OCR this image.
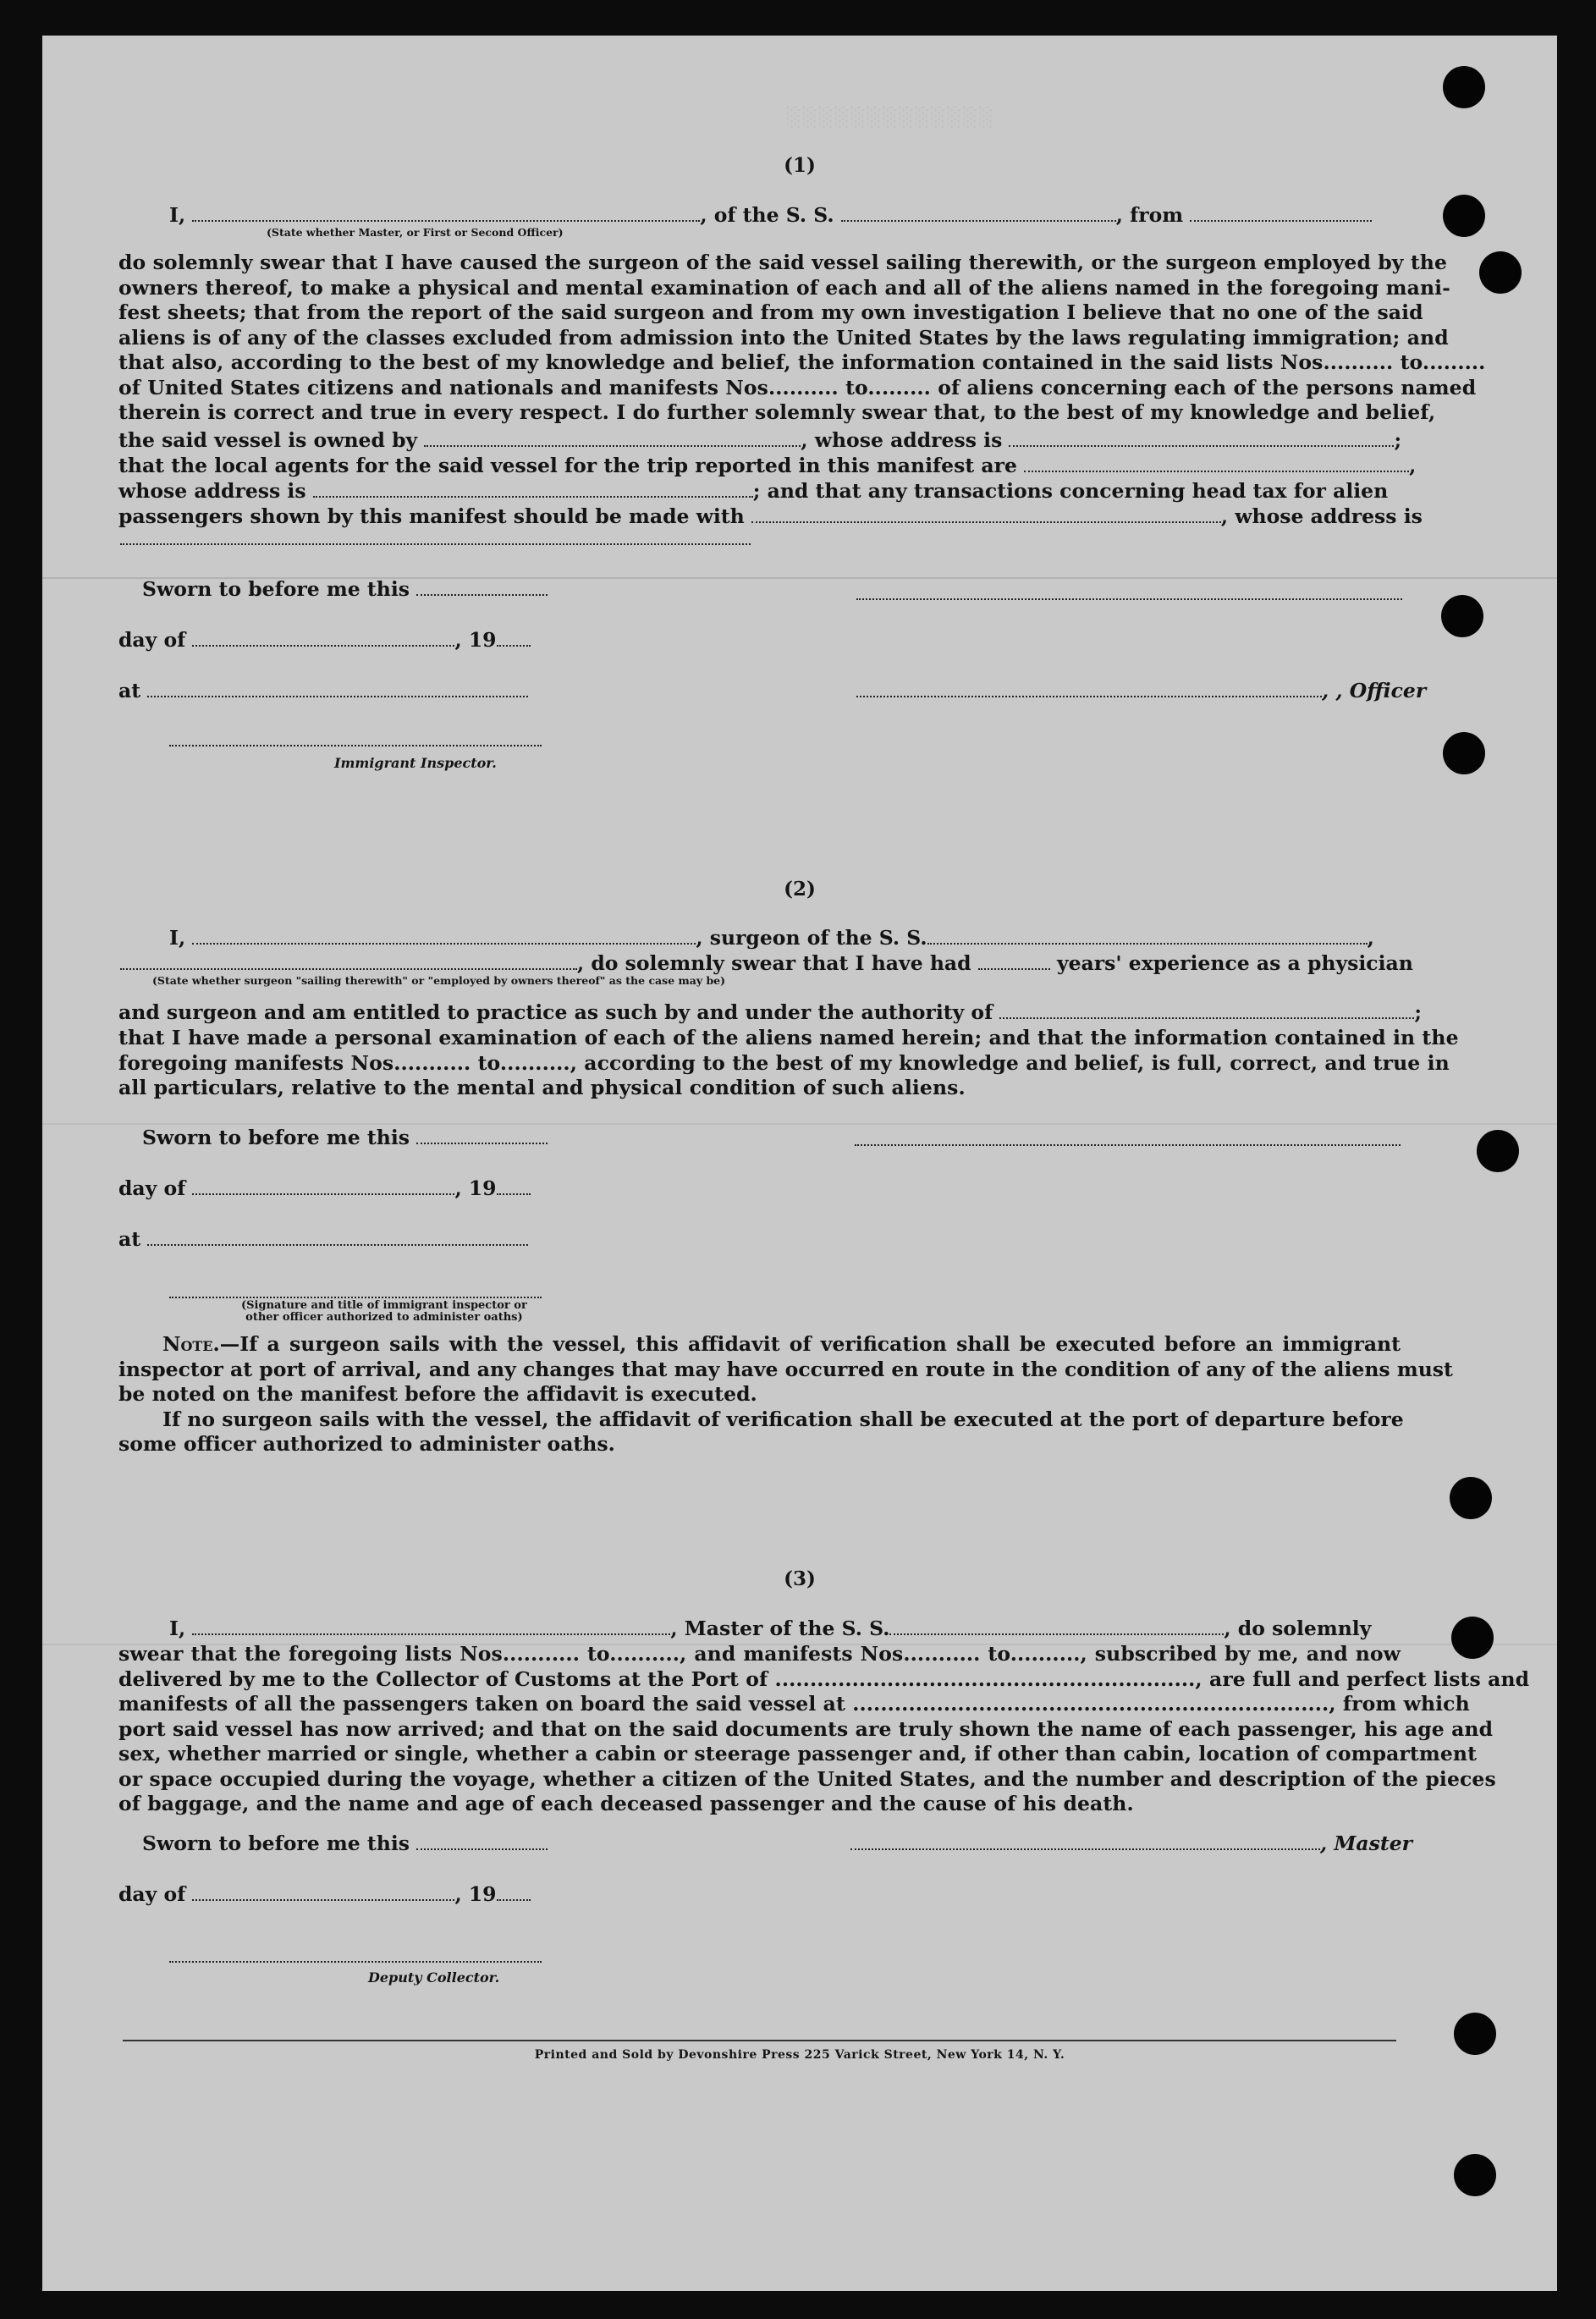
░░░░░░░░░░░░░
(1)
I,	, of the S. S.	, from
(State whether Master, or First or Second Officer)
do solemnly swear that I have caused the surgeon of the said vessel sailing therewith, or the surgeon employed by the
owners thereof, to make a physical and mental examination of each and all of the aliens named in the foregoing mani-
fest sheets; that from the report of the said surgeon and from my own investigation I believe that no one of the said
aliens is of any of the classes excluded from admission into the United States by the laws regulating immigration; and
that also, according to the best of my knowledge and belief, the information contained in the said lists Nos.......... to.........
of United States citizens and nationals and manifests Nos.......... to......... of aliens concerning each of the persons named
therein is correct and true in every respect. I do further solemnly swear that, to the best of my knowledge and belief,
the said vessel is owned by	, whose address is	;
that the local agents for the said vessel for the trip reported in this manifest are	,
whose address is	; and that any transactions concerning head tax for alien
passengers shown by this manifest should be made with	, whose address is
Sworn to before me this
day of	, 19
at	, , Officer
Immigrant Inspector.
(2)
I,	, surgeon of the S. S.	,
, do solemnly swear that I have had	years' experience as a physician
(State whether surgeon "sailing therewith" or "employed by owners thereof" as the case may be)
and surgeon and am entitled to practice as such by and under the authority of	;
that I have made a personal examination of each of the aliens named herein; and that the information contained in the
foregoing manifests Nos........... to.........., according to the best of my knowledge and belief, is full, correct, and true in
all particulars, relative to the mental and physical condition of such aliens.
Sworn to before me this
day of	, 19
at
(Signature and title of immigrant inspector or
other officer authorized to administer oaths)
Note.—If a surgeon sails with the vessel, this affidavit of verification shall be executed before an immigrant
inspector at port of arrival, and any changes that may have occurred en route in the condition of any of the aliens must
be noted on the manifest before the affidavit is executed.
If no surgeon sails with the vessel, the affidavit of verification shall be executed at the port of departure before
some officer authorized to administer oaths.
(3)
I,	, Master of the S. S.	, do solemnly
swear that the foregoing lists Nos........... to.........., and manifests Nos........... to.........., subscribed by me, and now
delivered by me to the Collector of Customs at the Port of ............................................................, are full and perfect lists and
manifests of all the passengers taken on board the said vessel at ...................................................................., from which
port said vessel has now arrived; and that on the said documents are truly shown the name of each passenger, his age and
sex, whether married or single, whether a cabin or steerage passenger and, if other than cabin, location of compartment
or space occupied during the voyage, whether a citizen of the United States, and the number and description of the pieces
of baggage, and the name and age of each deceased passenger and the cause of his death.
Sworn to before me this	, Master
day of	, 19
Deputy Collector.
Printed and Sold by Devonshire Press 225 Varick Street, New York 14, N. Y.
